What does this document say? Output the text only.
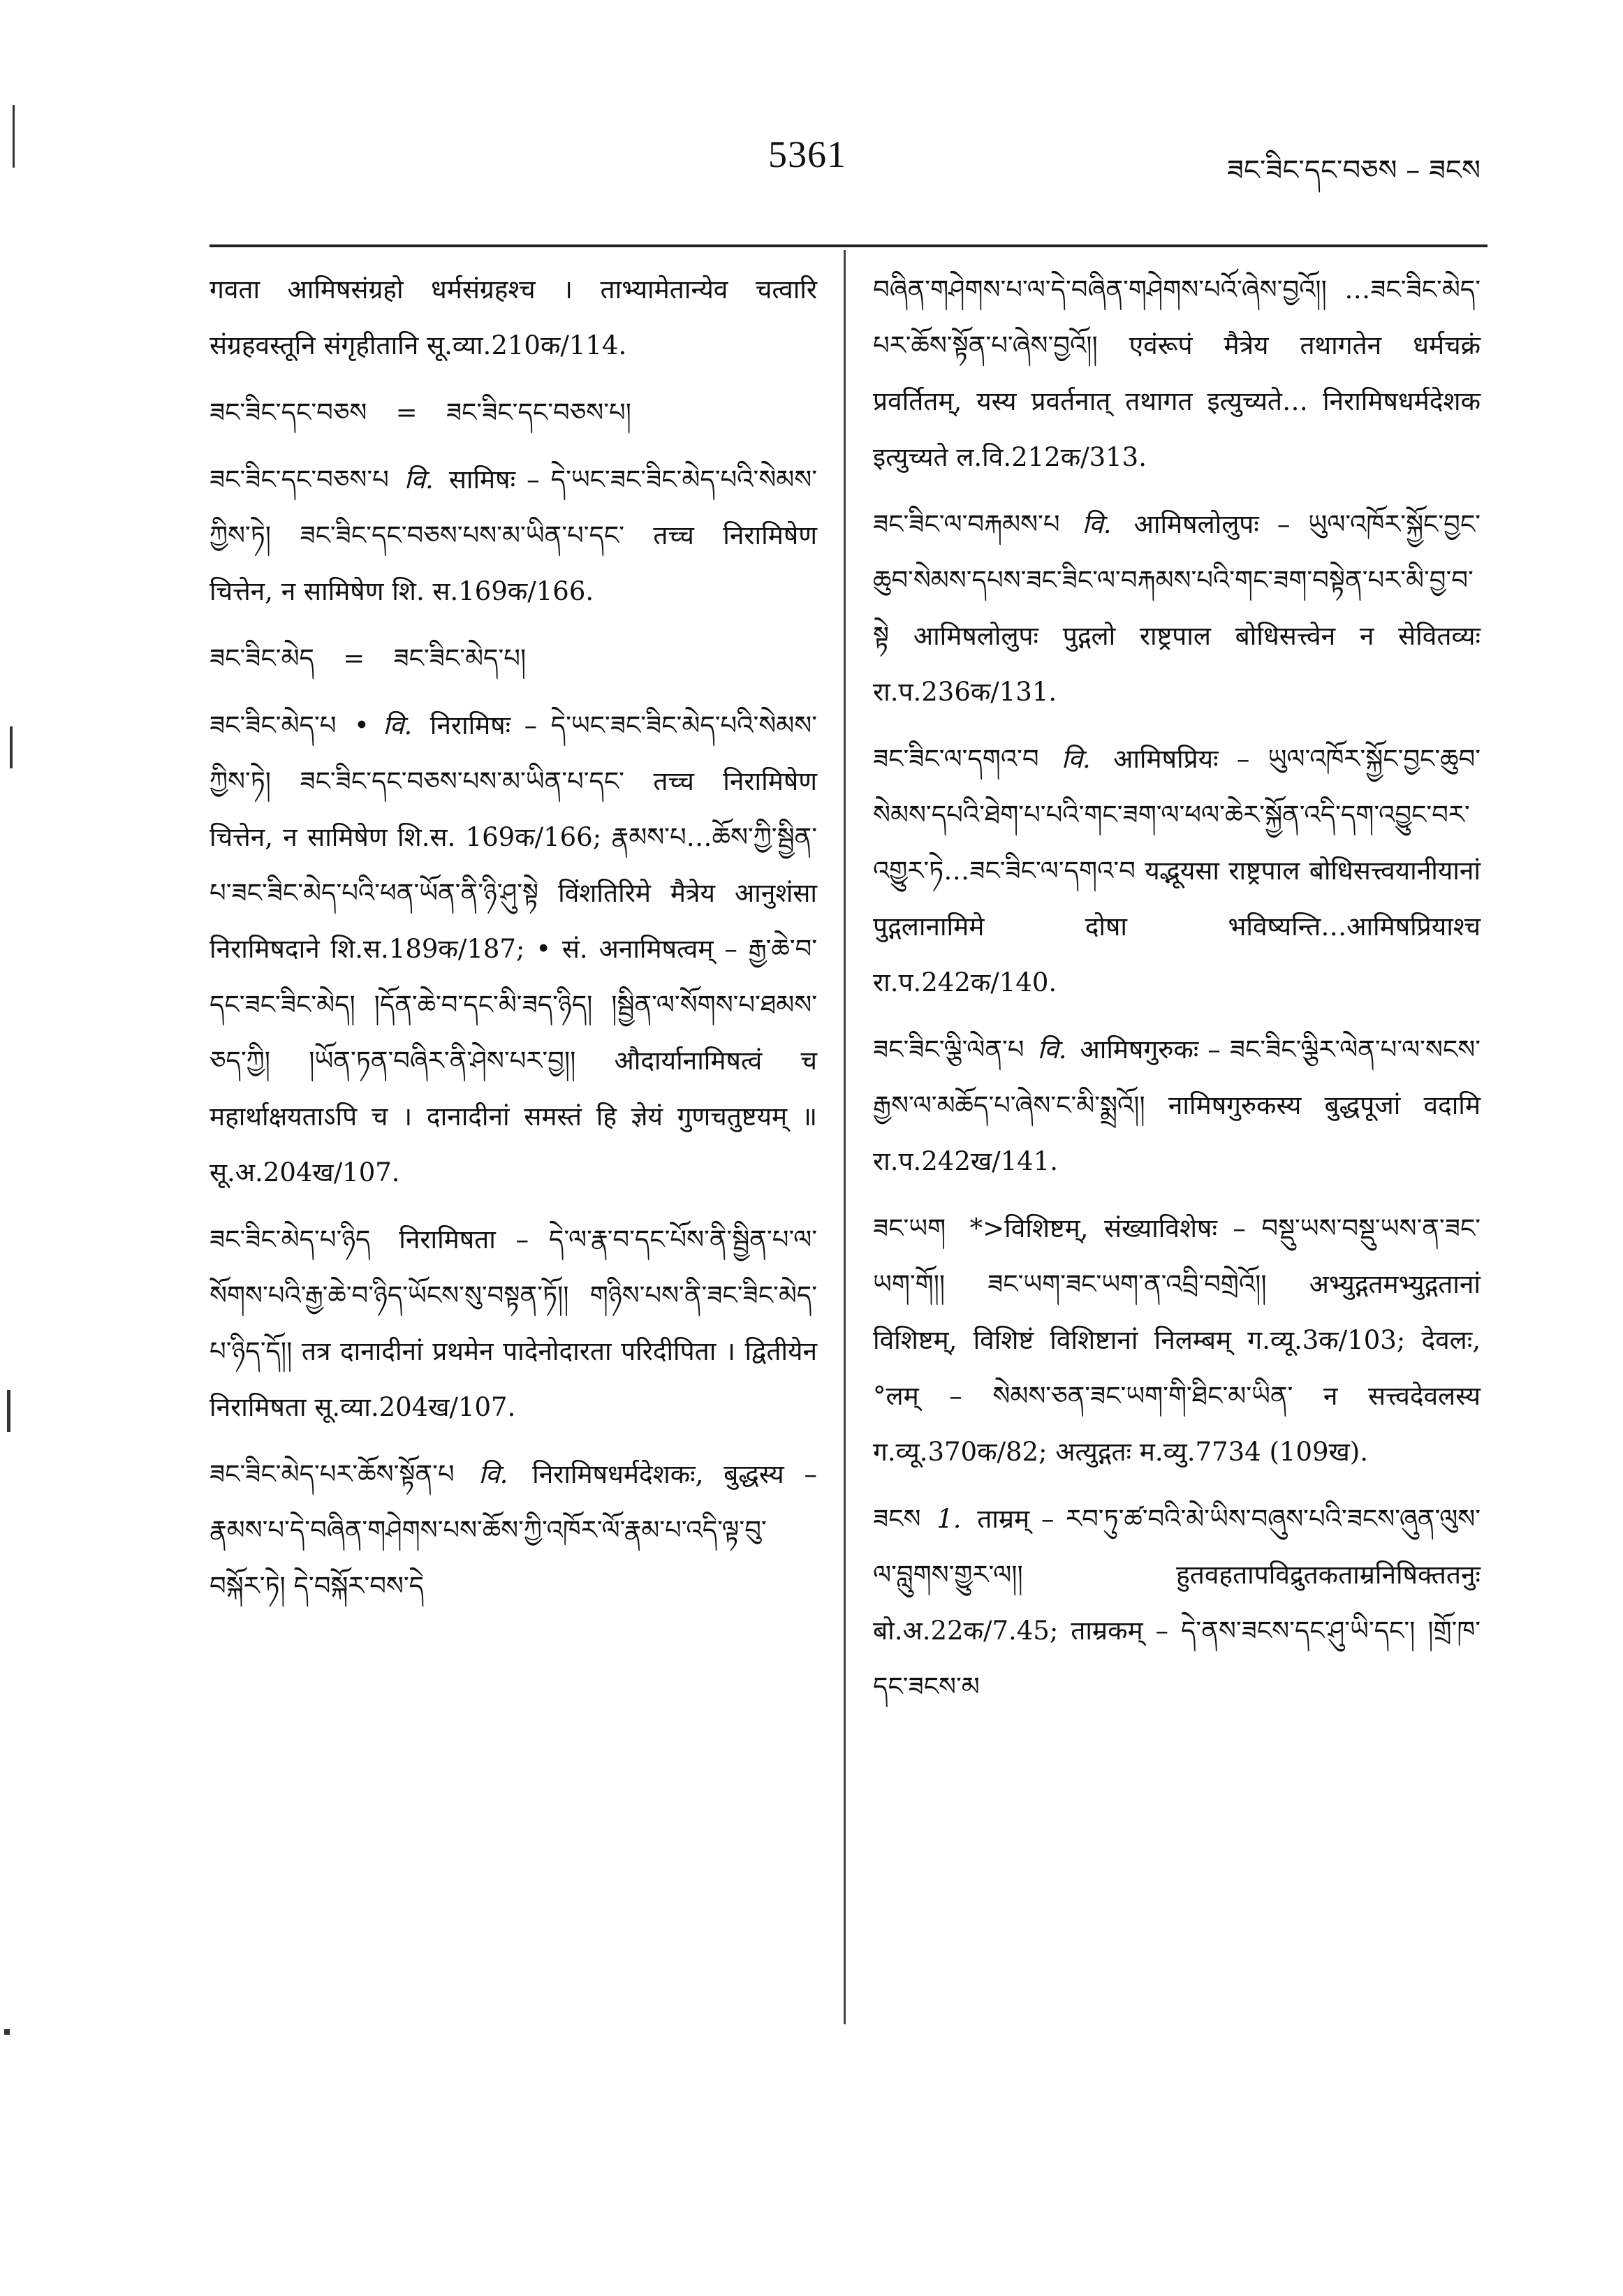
5361	ཟང་ཟིང་དང་བཅས – ཟངས

गवता आमिषसंग्रहो धर्मसंग्रहश्च । ताभ्यामेतान्येव चत्वारि संग्रहवस्तूनि संगृहीतानि सू.व्या.210क/114.

ཟང་ཟིང་དང་བཅས = ཟང་ཟིང་དང་བཅས་པ།

ཟང་ཟིང་དང་བཅས་པ वि. सामिषः – དེ་ཡང་ཟང་ཟིང་མེད་པའི་སེམས་ཀྱིས་ཏེ། ཟང་ཟིང་དང་བཅས་པས་མ་ཡིན་པ་དང་ तच्च निरामिषेण चित्तेन, न सामिषेण शि. स.169क/166.

ཟང་ཟིང་མེད = ཟང་ཟིང་མེད་པ།

ཟང་ཟིང་མེད་པ • वि. निरामिषः – དེ་ཡང་ཟང་ཟིང་མེད་པའི་སེམས་ཀྱིས་ཏེ། ཟང་ཟིང་དང་བཅས་པས་མ་ཡིན་པ་དང་ तच्च निरामिषेण चित्तेन, न सामिषेण शि.स. 169क/166; རྣམས་པ…ཆོས་ཀྱི་སྦྱིན་པ་ཟང་ཟིང་མེད་པའི་ཕན་ཡོན་ནི་ཉི་ཤུ་སྟེ विंशतिरिमे मैत्रेय आनुशंसा निरामिषदाने शि.स.189क/187; • सं. अनामिषत्वम् – རྒྱ་ཆེ་བ་དང་ཟང་ཟིང་མེད། །དོན་ཆེ་བ་དང་མི་ཟད་ཉིད། །སྦྱིན་ལ་སོགས་པ་ཐམས་ཅད་ཀྱི། །ཡོན་ཏན་བཞིར་ནི་ཤེས་པར་བྱ།། औदार्यानामिषत्वं च महार्थाक्षयताऽपि च । दानादीनां समस्तं हि ज्ञेयं गुणचतुष्टयम् ॥ सू.अ.204ख/107.

ཟང་ཟིང་མེད་པ་ཉིད निरामिषता – དེ་ལ་རྣ་བ་དང་པོས་ནི་སྦྱིན་པ་ལ་སོགས་པའི་རྒྱ་ཆེ་བ་ཉིད་ཡོངས་སུ་བསྟན་ཏོ།། གཉིས་པས་ནི་ཟང་ཟིང་མེད་པ་ཉིད་དོ།། तत्र दानादीनां प्रथमेन पादेनोदारता परिदीपिता । द्वितीयेन निरामिषता सू.व्या.204ख/107.

ཟང་ཟིང་མེད་པར་ཆོས་སྟོན་པ वि. निरामिषधर्मदेशकः, बुद्धस्य – རྣམས་པ་དེ་བཞིན་གཤེགས་པས་ཆོས་ཀྱི་འཁོར་ལོ་རྣམ་པ་འདི་ལྟ་བུ་བསྐོར་ཏེ། དེ་བསྐོར་བས་དེ

བཞིན་གཤེགས་པ་ལ་དེ་བཞིན་གཤེགས་པའོ་ཞེས་བྱའོ།། …ཟང་ཟིང་མེད་པར་ཆོས་སྟོན་པ་ཞེས་བྱའོ།། एवंरूपं मैत्रेय तथागतेन धर्मचक्रं प्रवर्तितम्, यस्य प्रवर्तनात् तथागत इत्युच्यते… निरामिषधर्मदेशक इत्युच्यते ल.वि.212क/313.

ཟང་ཟིང་ལ་བརྐམས་པ वि. आमिषलोलुपः – ཡུལ་འཁོར་སྐྱོང་བྱང་ཆུབ་སེམས་དཔས་ཟང་ཟིང་ལ་བརྐམས་པའི་གང་ཟག་བསྟེན་པར་མི་བྱ་བ་སྟེ आमिषलोलुपः पुद्गलो राष्ट्रपाल बोधिसत्त्वेन न सेवितव्यः रा.प.236क/131.

ཟང་ཟིང་ལ་དགའ་བ वि. आमिषप्रियः – ཡུལ་འཁོར་སྐྱོང་བྱང་ཆུབ་སེམས་དཔའི་ཐེག་པ་པའི་གང་ཟག་ལ་ཕལ་ཆེར་སྐྱོན་འདི་དག་འབྱུང་བར་འགྱུར་ཏེ…ཟང་ཟིང་ལ་དགའ་བ यद्भूयसा राष्ट्रपाल बोधिसत्त्वयानीयानां पुद्गलानामिमे दोषा भविष्यन्ति…आमिषप्रियाश्च रा.प.242क/140.

ཟང་ཟིང་ལྕི་ལེན་པ वि. आमिषगुरुकः – ཟང་ཟིང་ལྕིར་ལེན་པ་ལ་སངས་རྒྱས་ལ་མཆོད་པ་ཞེས་ང་མི་སྨྲའོ།། नामिषगुरुकस्य बुद्धपूजां वदामि रा.प.242ख/141.

ཟང་ཡག *>विशिष्टम्, संख्याविशेषः – བསྡུ་ཡས་བསྡུ་ཡས་ན་ཟང་ཡག་གོ།། ཟང་ཡག་ཟང་ཡག་ན་འབྲི་བགྲེའོ།། अभ्युद्गतमभ्युद्गतानां विशिष्टम्, विशिष्टं विशिष्टानां निलम्बम् ग.व्यू.3क/103; देवलः, °लम् – སེམས་ཅན་ཟང་ཡག་གི་ཐིང་མ་ཡིན་ न सत्त्वदेवलस्य ग.व्यू.370क/82; अत्युद्गतः म.व्यु.7734 (109ख).

ཟངས 1. ताम्रम् – རབ་ཏུ་ཚ་བའི་མེ་ཡིས་བཞུས་པའི་ཟངས་ཞུན་ལུས་ལ་བླུགས་གྱུར་ལ།། हुतवहतापविद्रुतकताम्रनिषिक्ततनुः बो.अ.22क/7.45; ताम्रकम् – དེ་ནས་ཟངས་དང་ཤུ་ཡི་དང་། །གྲོ་ཁ་དང་ཟངས་མ
